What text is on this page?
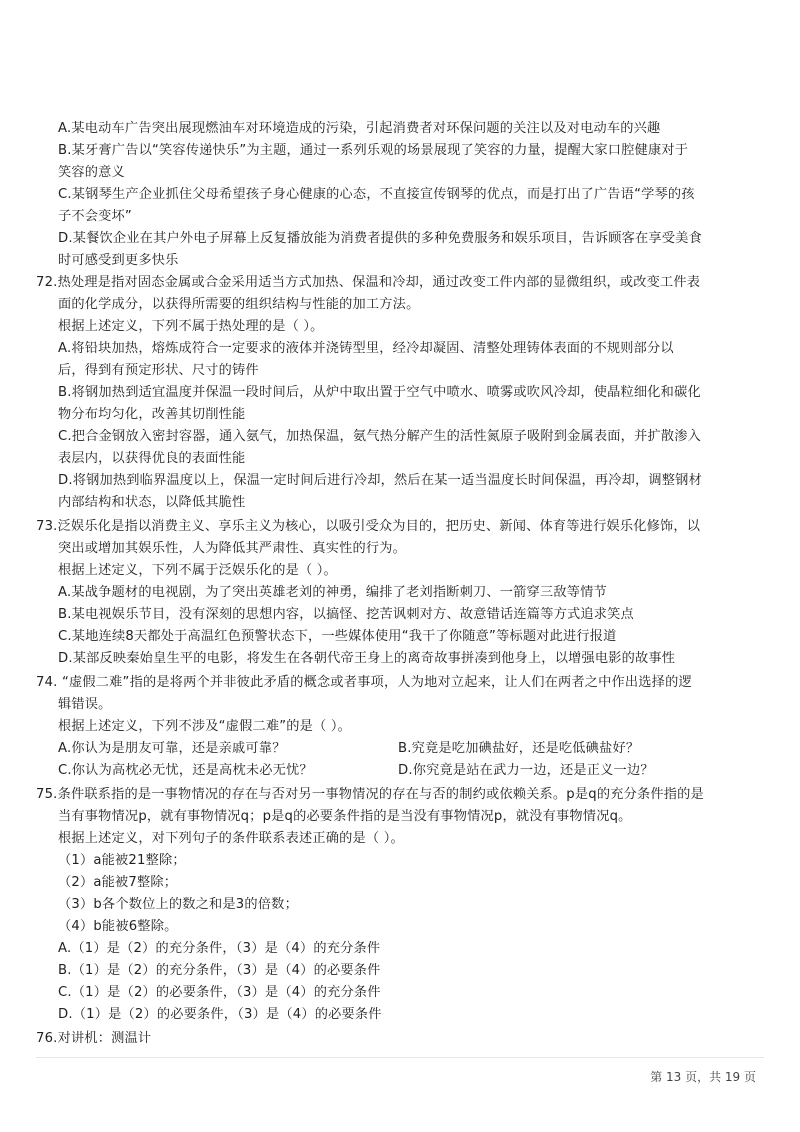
A.某电动车广告突出展现燃油车对环境造成的污染，引起消费者对环保问题的关注以及对电动车的兴趣
B.某牙膏广告以“笑容传递快乐”为主题，通过一系列乐观的场景展现了笑容的力量，提醒大家口腔健康对于
笑容的意义
C.某钢琴生产企业抓住父母希望孩子身心健康的心态，不直接宣传钢琴的优点，而是打出了广告语“学琴的孩
子不会变坏”
D.某餐饮企业在其户外电子屏幕上反复播放能为消费者提供的多种免费服务和娱乐项目，告诉顾客在享受美食
时可感受到更多快乐
72.热处理是指对固态金属或合金采用适当方式加热、保温和冷却，通过改变工件内部的显微组织，或改变工件表
面的化学成分，以获得所需要的组织结构与性能的加工方法。
根据上述定义，下列不属于热处理的是（ ）。
A.将铅块加热，熔炼成符合一定要求的液体并浇铸型里，经冷却凝固、清整处理铸体表面的不规则部分以
后，得到有预定形状、尺寸的铸件
B.将钢加热到适宜温度并保温一段时间后，从炉中取出置于空气中喷水、喷雾或吹风冷却，使晶粒细化和碳化
物分布均匀化，改善其切削性能
C.把合金钢放入密封容器，通入氨气，加热保温，氨气热分解产生的活性氮原子吸附到金属表面，并扩散渗入
表层内，以获得优良的表面性能
D.将钢加热到临界温度以上，保温一定时间后进行冷却，然后在某一适当温度长时间保温，再冷却，调整钢材
内部结构和状态，以降低其脆性
73.泛娱乐化是指以消费主义、享乐主义为核心，以吸引受众为目的，把历史、新闻、体育等进行娱乐化修饰，以
突出或增加其娱乐性，人为降低其严肃性、真实性的行为。
根据上述定义，下列不属于泛娱乐化的是（ ）。
A.某战争题材的电视剧，为了突出英雄老刘的神勇，编排了老刘指断刺刀、一箭穿三敌等情节
B.某电视娱乐节目，没有深刻的思想内容，以搞怪、挖苦讽刺对方、故意错话连篇等方式追求笑点
C.某地连续8天都处于高温红色预警状态下，一些媒体使用“我干了你随意”等标题对此进行报道
D.某部反映秦始皇生平的电影，将发生在各朝代帝王身上的离奇故事拼凑到他身上，以增强电影的故事性
74. “虚假二难”指的是将两个并非彼此矛盾的概念或者事项，人为地对立起来，让人们在两者之中作出选择的逻
辑错误。
根据上述定义，下列不涉及“虚假二难”的是（ ）。
A.你认为是朋友可靠，还是亲戚可靠？	B.究竟是吃加碘盐好，还是吃低碘盐好？
C.你认为高枕必无忧，还是高枕未必无忧？	D.你究竟是站在武力一边，还是正义一边？
75.条件联系指的是一事物情况的存在与否对另一事物情况的存在与否的制约或依赖关系。p是q的充分条件指的是
当有事物情况p，就有事物情况q；p是q的必要条件指的是当没有事物情况p，就没有事物情况q。
根据上述定义，对下列句子的条件联系表述正确的是（ ）。
（1）a能被21整除；
（2）a能被7整除；
（3）b各个数位上的数之和是3的倍数；
（4）b能被6整除。
A.（1）是（2）的充分条件，（3）是（4）的充分条件
B.（1）是（2）的充分条件，（3）是（4）的必要条件
C.（1）是（2）的必要条件，（3）是（4）的充分条件
D.（1）是（2）的必要条件，（3）是（4）的必要条件
76.对讲机：测温计
第 13 页，共 19 页
